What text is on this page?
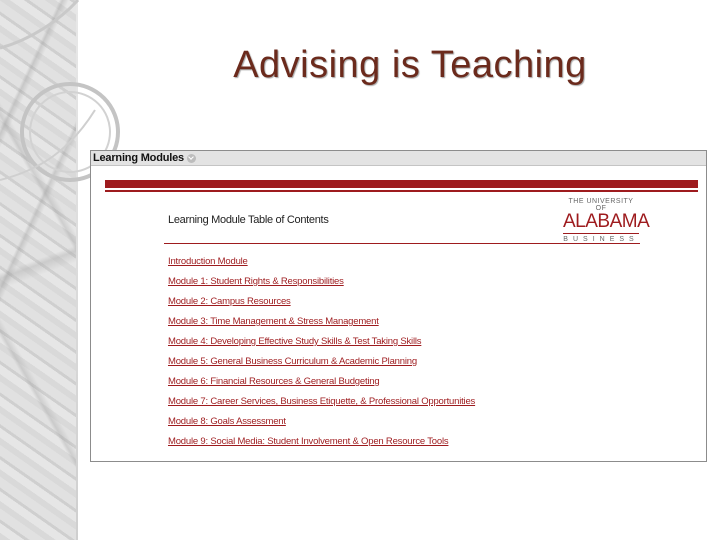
Advising is Teaching
Learning Modules
Learning Module Table of Contents
THE UNIVERSITY OF
ALABAMA
BUSINESS
Introduction Module
Module 1: Student Rights & Responsibilities
Module 2: Campus Resources
Module 3: Time Management & Stress Management
Module 4: Developing Effective Study Skills & Test Taking Skills
Module 5: General Business Curriculum & Academic Planning
Module 6: Financial Resources & General Budgeting
Module 7: Career Services, Business Etiquette, & Professional Opportunities
Module 8: Goals Assessment
Module 9: Social Media: Student Involvement & Open Resource Tools
